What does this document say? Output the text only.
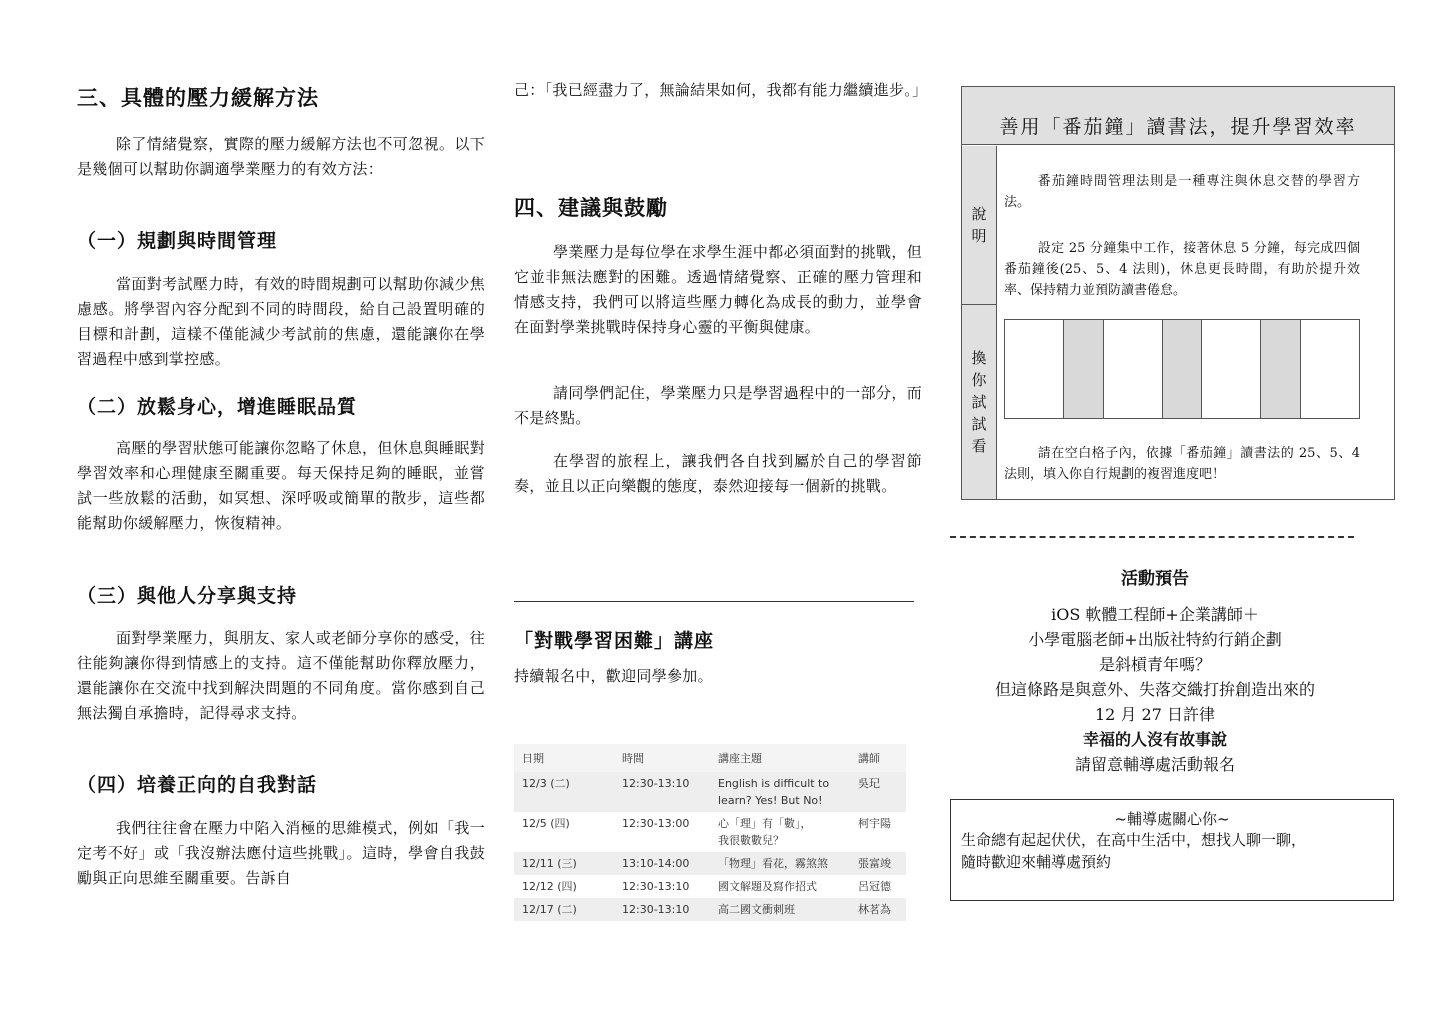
三、具體的壓力緩解方法

除了情緒覺察，實際的壓力緩解方法也不可忽視。以下是幾個可以幫助你調適學業壓力的有效方法：

（一）規劃與時間管理

當面對考試壓力時，有效的時間規劃可以幫助你減少焦慮感。將學習內容分配到不同的時間段，給自己設置明確的目標和計劃，這樣不僅能減少考試前的焦慮，還能讓你在學習過程中感到掌控感。

（二）放鬆身心，增進睡眠品質

高壓的學習狀態可能讓你忽略了休息，但休息與睡眠對學習效率和心理健康至關重要。每天保持足夠的睡眠，並嘗試一些放鬆的活動，如冥想、深呼吸或簡單的散步，這些都能幫助你緩解壓力，恢復精神。

（三）與他人分享與支持

面對學業壓力，與朋友、家人或老師分享你的感受，往往能夠讓你得到情感上的支持。這不僅能幫助你釋放壓力，還能讓你在交流中找到解決問題的不同角度。當你感到自己無法獨自承擔時，記得尋求支持。

（四）培養正向的自我對話

我們往往會在壓力中陷入消極的思維模式，例如「我一定考不好」或「我沒辦法應付這些挑戰」。這時，學會自我鼓勵與正向思維至關重要。告訴自

己：「我已經盡力了，無論結果如何，我都有能力繼續進步。」

四、建議與鼓勵

學業壓力是每位學在求學生涯中都必須面對的挑戰，但它並非無法應對的困難。透過情緒覺察、正確的壓力管理和情感支持，我們可以將這些壓力轉化為成長的動力，並學會在面對學業挑戰時保持身心靈的平衡與健康。

請同學們記住，學業壓力只是學習過程中的一部分，而不是終點。

在學習的旅程上，讓我們各自找到屬於自己的學習節奏，並且以正向樂觀的態度，泰然迎接每一個新的挑戰。

「對戰學習困難」講座

持續報名中，歡迎同學參加。

日期	時間	講座主題	講師
12/3 (二)	12:30-13:10	English is difficult to
learn? Yes! But No!	吳玘
12/5 (四)	12:30-13:00	心「理」有「數」，
我很數數兒？	柯宇陽
12/11 (三)	13:10-14:00	「物理」看花，霧煞煞	張富竣
12/12 (四)	12:30-13:10	國文解題及寫作招式	呂冠德
12/17 (二)	12:30-13:10	高二國文衝刺班	林茗為
善用「番茄鐘」讀書法，提升學習效率
說
明

番茄鐘時間管理法則是一種專注與休息交替的學習方法。

設定 25 分鐘集中工作，接著休息 5 分鐘，每完成四個番茄鐘後(25、5、4 法則)，休息更長時間，有助於提升效率、保持精力並預防讀書倦怠。

換
你
試
試
看	請在空白格子內，依據「番茄鐘」讀書法的 25、5、4 法則，填入你自行規劃的複習進度吧！

活動預告
iOS 軟體工程師+企業講師＋
小學電腦老師+出版社特約行銷企劃
是斜槓青年嗎？
但這條路是與意外、失落交織打拚創造出來的
12 月 27 日許律
幸福的人沒有故事說
請留意輔導處活動報名
~輔導處關心你~
生命總有起起伏伏，在高中生活中，想找人聊一聊，
隨時歡迎來輔導處預約
